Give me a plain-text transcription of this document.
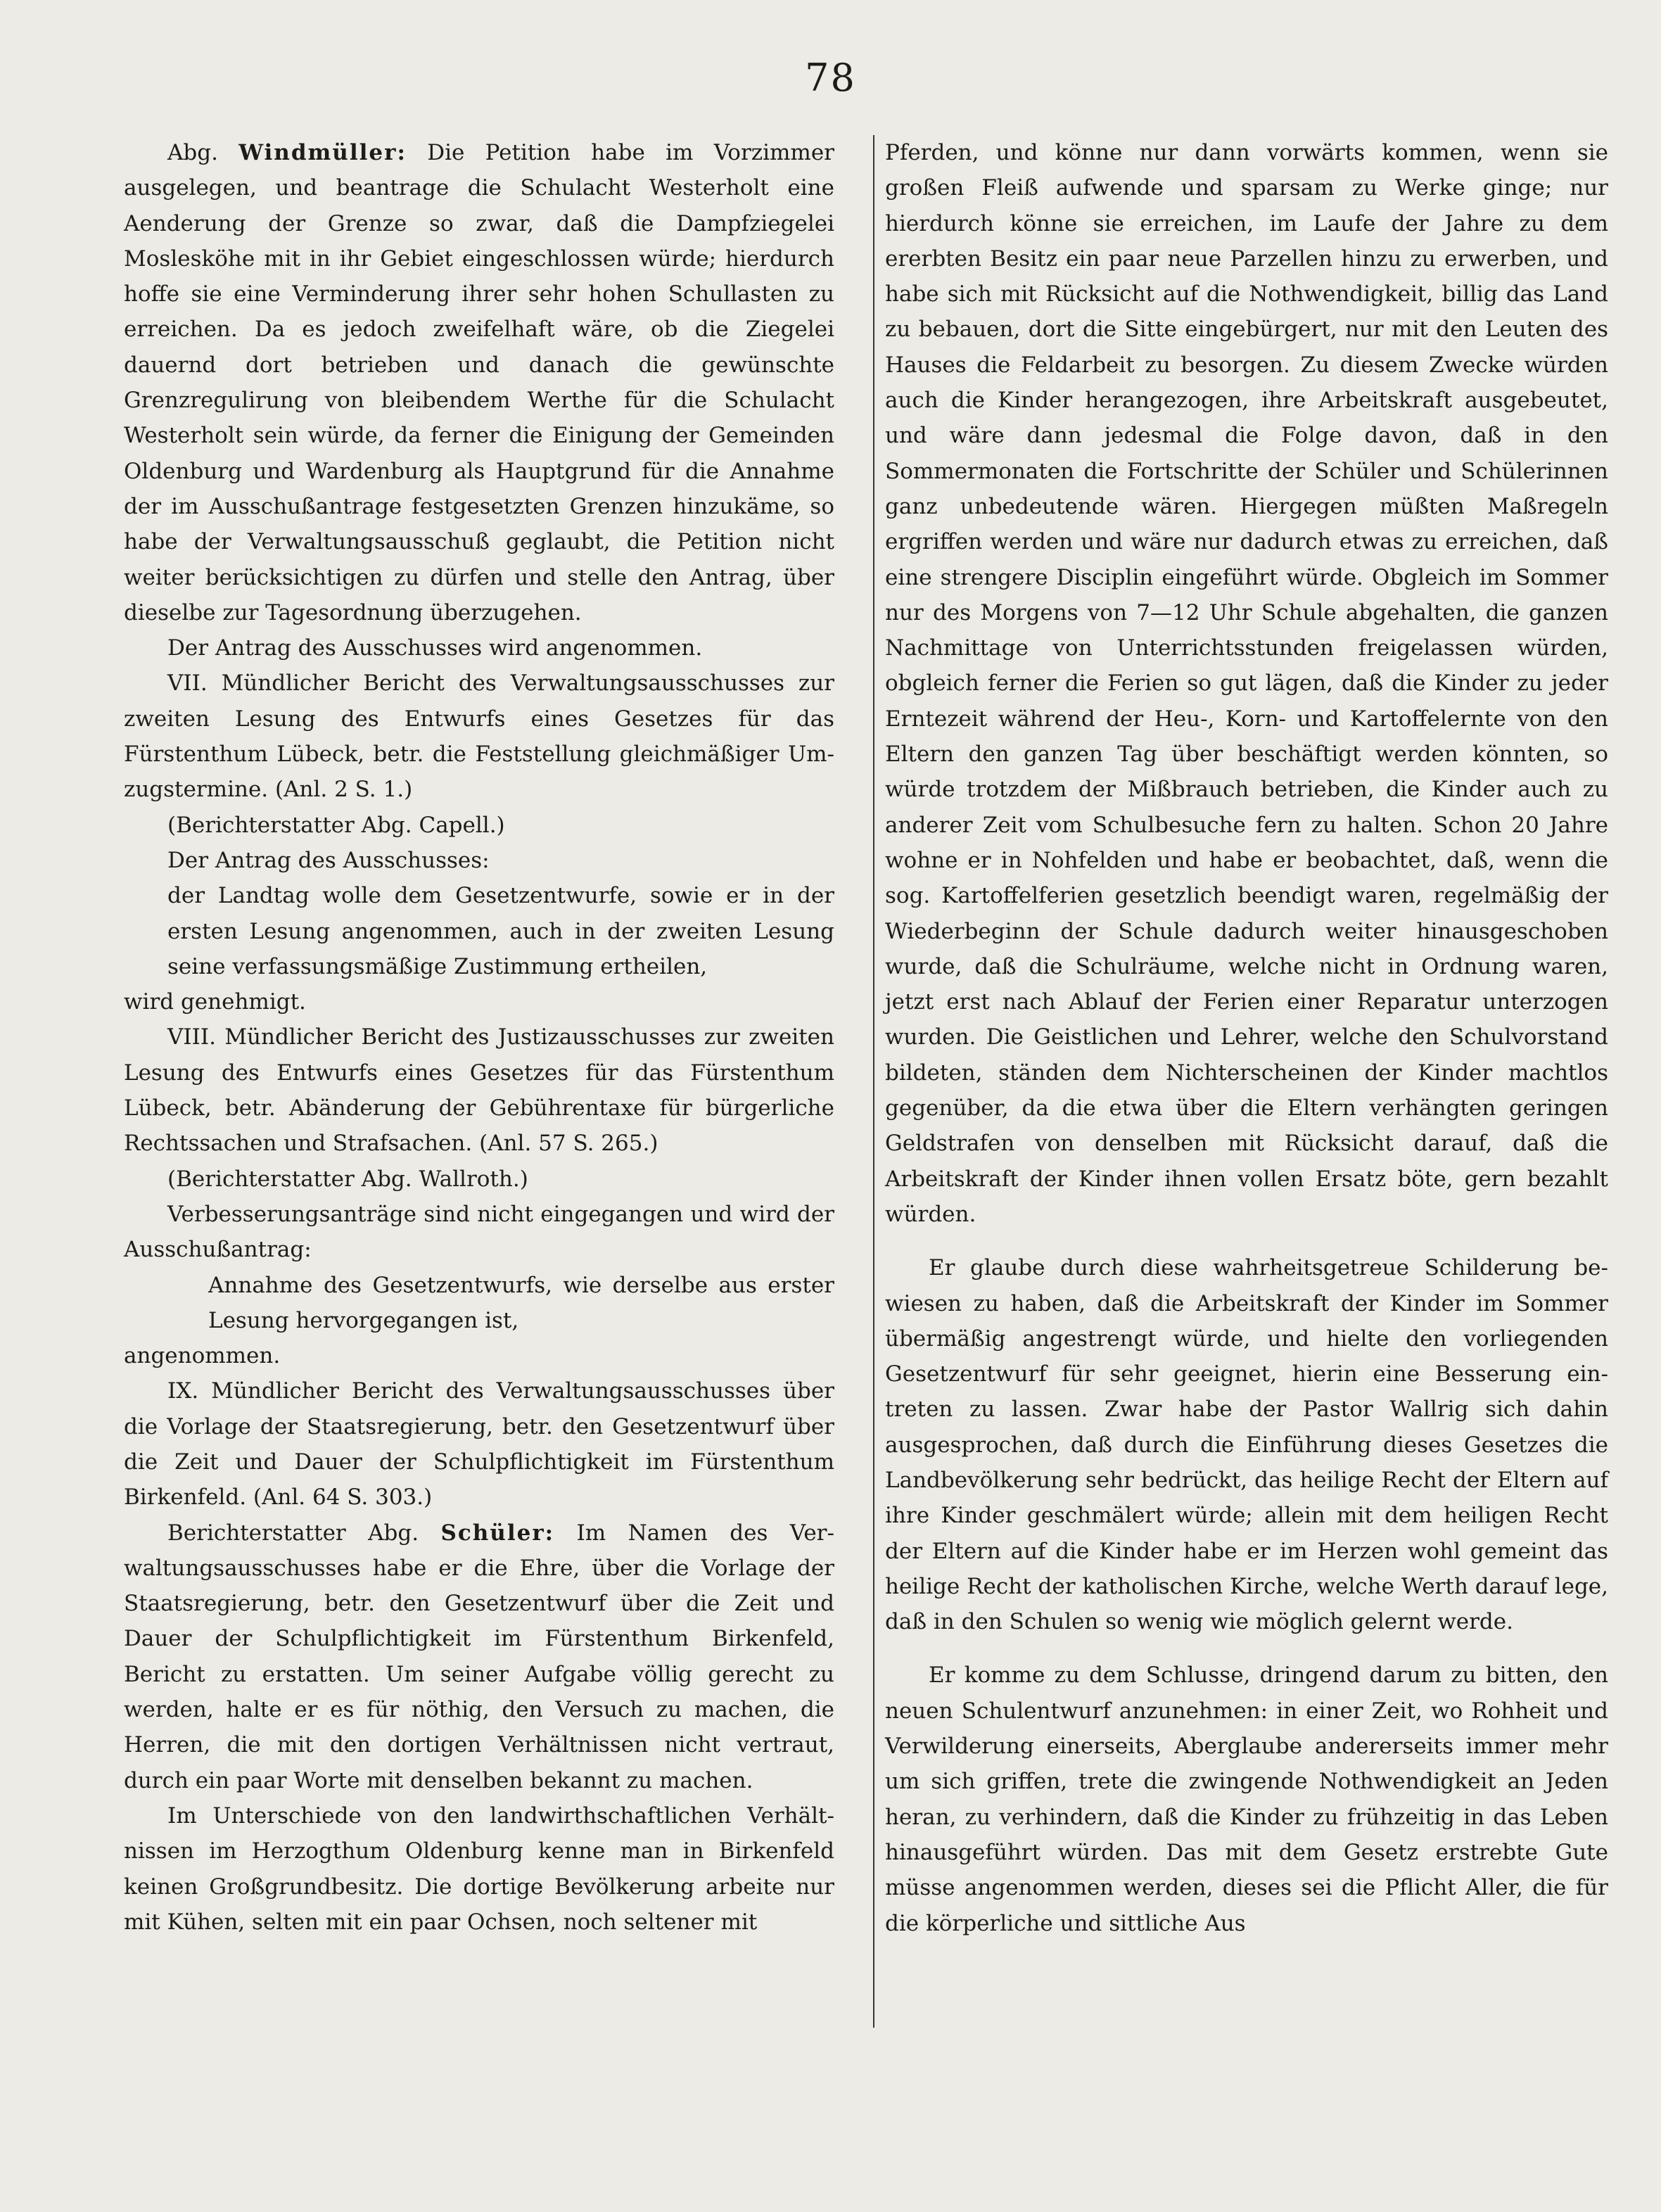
78

Abg. Windmüller: Die Petition habe im Vorzimmer ausgelegen, und beantrage die Schulacht Westerholt eine Aenderung der Grenze so zwar, daß die Dampfziegelei Moslesköhe mit in ihr Gebiet eingeschlossen würde; hierdurch hoffe sie eine Verminderung ihrer sehr hohen Schullasten zu erreichen. Da es jedoch zweifelhaft wäre, ob die Ziegelei dauernd dort betrieben und danach die gewünschte Grenzregulirung von bleibendem Werthe für die Schulacht Westerholt sein würde, da ferner die Einigung der Gemeinden Oldenburg und Wardenburg als Hauptgrund für die Annahme der im Ausschußantrage festgesetzten Grenzen hinzukäme, so habe der Verwaltungsausschuß geglaubt, die Petition nicht weiter berücksichtigen zu dürfen und stelle den Antrag, über dieselbe zur Tagesordnung überzugehen.

Der Antrag des Ausschusses wird angenommen.

VII. Mündlicher Bericht des Verwaltungsausschusses zur zweiten Lesung des Entwurfs eines Gesetzes für das Fürstenthum Lübeck, betr. die Feststellung gleichmäßiger Umzugstermine. (Anl. 2 S. 1.)

(Berichterstatter Abg. Capell.)

Der Antrag des Ausschusses:

der Landtag wolle dem Gesetzentwurfe, sowie er in der ersten Lesung angenommen, auch in der zweiten Lesung seine verfassungsmäßige Zustimmung ertheilen,

wird genehmigt.

VIII. Mündlicher Bericht des Justizausschusses zur zweiten Lesung des Entwurfs eines Gesetzes für das Fürstenthum Lübeck, betr. Abänderung der Gebührentaxe für bürgerliche Rechtssachen und Strafsachen. (Anl. 57 S. 265.)

(Berichterstatter Abg. Wallroth.)

Verbesserungsanträge sind nicht eingegangen und wird der Ausschußantrag:

Annahme des Gesetzentwurfs, wie derselbe aus erster Lesung hervorgegangen ist,

angenommen.

IX. Mündlicher Bericht des Verwaltungsausschusses über die Vorlage der Staatsregierung, betr. den Gesetzentwurf über die Zeit und Dauer der Schulpflichtigkeit im Fürstenthum Birkenfeld. (Anl. 64 S. 303.)

Berichterstatter Abg. Schüler: Im Namen des Verwaltungsausschusses habe er die Ehre, über die Vorlage der Staatsregierung, betr. den Gesetzentwurf über die Zeit und Dauer der Schulpflichtigkeit im Fürstenthum Birkenfeld, Bericht zu erstatten. Um seiner Aufgabe völlig gerecht zu werden, halte er es für nöthig, den Versuch zu machen, die Herren, die mit den dortigen Verhältnissen nicht vertraut, durch ein paar Worte mit denselben bekannt zu machen.

Im Unterschiede von den landwirthschaftlichen Verhältnissen im Herzogthum Oldenburg kenne man in Birkenfeld keinen Großgrundbesitz. Die dortige Bevölkerung arbeite nur mit Kühen, selten mit ein paar Ochsen, noch seltener mit

Pferden, und könne nur dann vorwärts kommen, wenn sie großen Fleiß aufwende und sparsam zu Werke ginge; nur hierdurch könne sie erreichen, im Laufe der Jahre zu dem ererbten Besitz ein paar neue Parzellen hinzu zu erwerben, und habe sich mit Rücksicht auf die Nothwendigkeit, billig das Land zu bebauen, dort die Sitte eingebürgert, nur mit den Leuten des Hauses die Feldarbeit zu besorgen. Zu diesem Zwecke würden auch die Kinder herangezogen, ihre Arbeitskraft ausgebeutet, und wäre dann jedesmal die Folge davon, daß in den Sommermonaten die Fortschritte der Schüler und Schülerinnen ganz unbedeutende wären. Hiergegen müßten Maßregeln ergriffen werden und wäre nur dadurch etwas zu erreichen, daß eine strengere Disciplin eingeführt würde. Obgleich im Sommer nur des Morgens von 7—12 Uhr Schule abgehalten, die ganzen Nachmittage von Unterrichtsstunden freigelassen würden, obgleich ferner die Ferien so gut lägen, daß die Kinder zu jeder Erntezeit während der Heu-, Korn- und Kartoffelernte von den Eltern den ganzen Tag über beschäftigt werden könnten, so würde trotzdem der Mißbrauch betrieben, die Kinder auch zu anderer Zeit vom Schulbesuche fern zu halten. Schon 20 Jahre wohne er in Nohfelden und habe er beobachtet, daß, wenn die sog. Kartoffelferien gesetzlich beendigt waren, regelmäßig der Wiederbeginn der Schule dadurch weiter hinausgeschoben wurde, daß die Schulräume, welche nicht in Ordnung waren, jetzt erst nach Ablauf der Ferien einer Reparatur unterzogen wurden. Die Geistlichen und Lehrer, welche den Schulvorstand bildeten, ständen dem Nichterscheinen der Kinder machtlos gegenüber, da die etwa über die Eltern verhängten geringen Geldstrafen von denselben mit Rücksicht darauf, daß die Arbeitskraft der Kinder ihnen vollen Ersatz böte, gern bezahlt würden.

Er glaube durch diese wahrheitsgetreue Schilderung bewiesen zu haben, daß die Arbeitskraft der Kinder im Sommer übermäßig angestrengt würde, und hielte den vorliegenden Gesetzentwurf für sehr geeignet, hierin eine Besserung eintreten zu lassen. Zwar habe der Pastor Wallrig sich dahin ausgesprochen, daß durch die Einführung dieses Gesetzes die Landbevölkerung sehr bedrückt, das heilige Recht der Eltern auf ihre Kinder geschmälert würde; allein mit dem heiligen Recht der Eltern auf die Kinder habe er im Herzen wohl gemeint das heilige Recht der katholischen Kirche, welche Werth darauf lege, daß in den Schulen so wenig wie möglich gelernt werde.

Er komme zu dem Schlusse, dringend darum zu bitten, den neuen Schulentwurf anzunehmen: in einer Zeit, wo Rohheit und Verwilderung einerseits, Aberglaube andererseits immer mehr um sich griffen, trete die zwingende Nothwendigkeit an Jeden heran, zu verhindern, daß die Kinder zu frühzeitig in das Leben hinausgeführt würden. Das mit dem Gesetz erstrebte Gute müsse angenommen werden, dieses sei die Pflicht Aller, die für die körperliche und sittliche Aus
